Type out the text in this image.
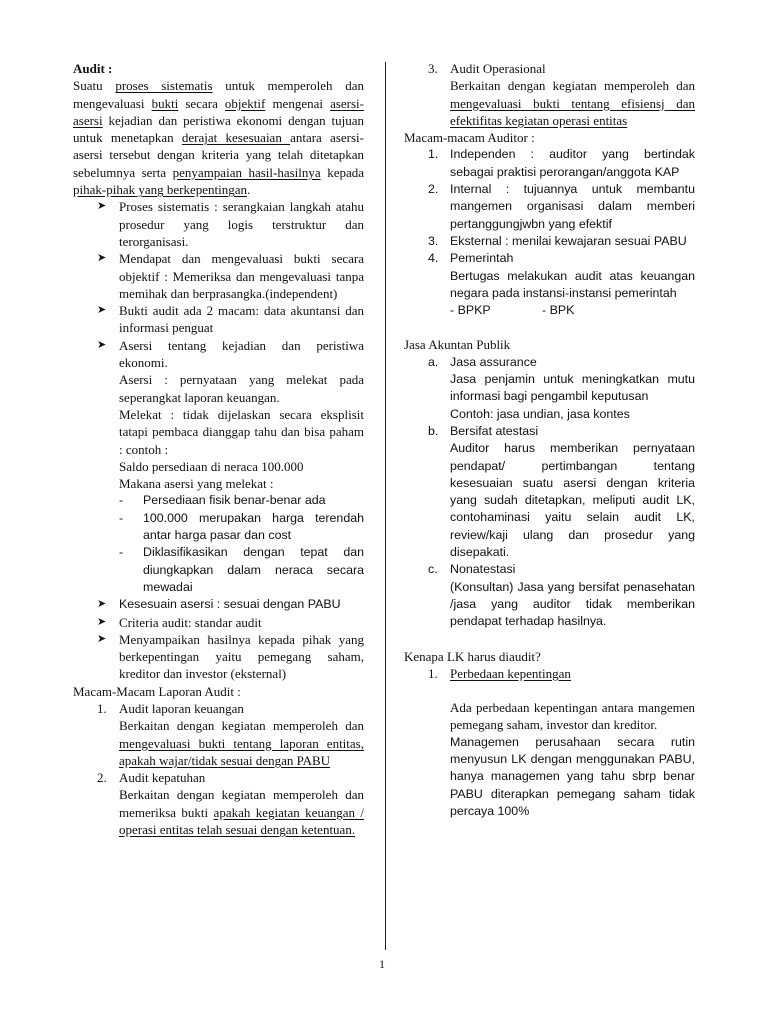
Audit :

Suatu proses sistematis untuk memperoleh dan mengevaluasi bukti secara objektif mengenai asersi-asersi kejadian dan peristiwa ekonomi dengan tujuan untuk menetapkan derajat kesesuaian antara asersi-asersi tersebut dengan kriteria yang telah ditetapkan sebelumnya serta penyampaian hasil-hasilnya kepada pihak-pihak yang berkepentingan.

➤ Proses sistematis : serangkaian langkah atahu prosedur yang logis terstruktur dan terorganisasi.
➤ Mendapat dan mengevaluasi bukti secara objektif : Memeriksa dan mengevaluasi tanpa memihak dan berprasangka.(independent)
➤ Bukti audit ada 2 macam: data akuntansi dan informasi penguat
➤ Asersi tentang kejadian dan peristiwa ekonomi.

Asersi : pernyataan yang melekat pada seperangkat laporan keuangan.

Melekat : tidak dijelaskan secara eksplisit tatapi pembaca dianggap tahu dan bisa paham : contoh :

Saldo persediaan di neraca 100.000

Makana asersi yang melekat :

- Persediaan fisik benar-benar ada
- 100.000 merupakan harga terendah antar harga pasar dan cost
- Diklasifikasikan dengan tepat dan diungkapkan dalam neraca secara mewadai
➤ Kesesuain asersi : sesuai dengan PABU
➤ Criteria audit: standar audit
➤ Menyampaikan hasilnya kepada pihak yang berkepentingan yaitu pemegang saham, kreditor dan investor (eksternal)

Macam-Macam Laporan Audit :

1. Audit laporan keuangan

Berkaitan dengan kegiatan memperoleh dan mengevaluasi bukti tentang laporan entitas, apakah wajar/tidak sesuai dengan PABU

2. Audit kepatuhan

Berkaitan dengan kegiatan memperoleh dan memeriksa bukti apakah kegiatan keuangan / operasi entitas telah sesuai dengan ketentuan.

3. Audit Operasional

Berkaitan dengan kegiatan memperoleh dan mengevaluasi bukti tentang efisiensj dan efektifitas kegiatan operasi entitas

Macam-macam Auditor :

1. Independen : auditor yang bertindak sebagai praktisi perorangan/anggota KAP
2. Internal : tujuannya untuk membantu mangemen organisasi dalam memberi pertanggungjwbn yang efektif
3. Eksternal : menilai kewajaran sesuai PABU
4. Pemerintah

Bertugas melakukan audit atas keuangan negara pada instansi-instansi pemerintah

- BPKP	- BPK

Jasa Akuntan Publik

a. Jasa assurance

Jasa penjamin untuk meningkatkan mutu informasi bagi pengambil keputusan

Contoh: jasa undian, jasa kontes

b. Bersifat atestasi

Auditor harus memberikan pernyataan pendapat/ pertimbangan tentang kesesuaian suatu asersi dengan kriteria yang sudah ditetapkan, meliputi audit LK, contohaminasi yaitu selain audit LK, review/kaji ulang dan prosedur yang disepakati.

c. Nonatestasi

(Konsultan) Jasa yang bersifat penasehatan /jasa yang auditor tidak memberikan pendapat terhadap hasilnya.

Kenapa LK harus diaudit?

1. Perbedaan kepentingan

Ada perbedaan kepentingan antara mangemen pemegang saham, investor dan kreditor.

Managemen perusahaan secara rutin menyusun LK dengan menggunakan PABU, hanya managemen yang tahu sbrp benar PABU diterapkan pemegang saham tidak percaya 100%

1
